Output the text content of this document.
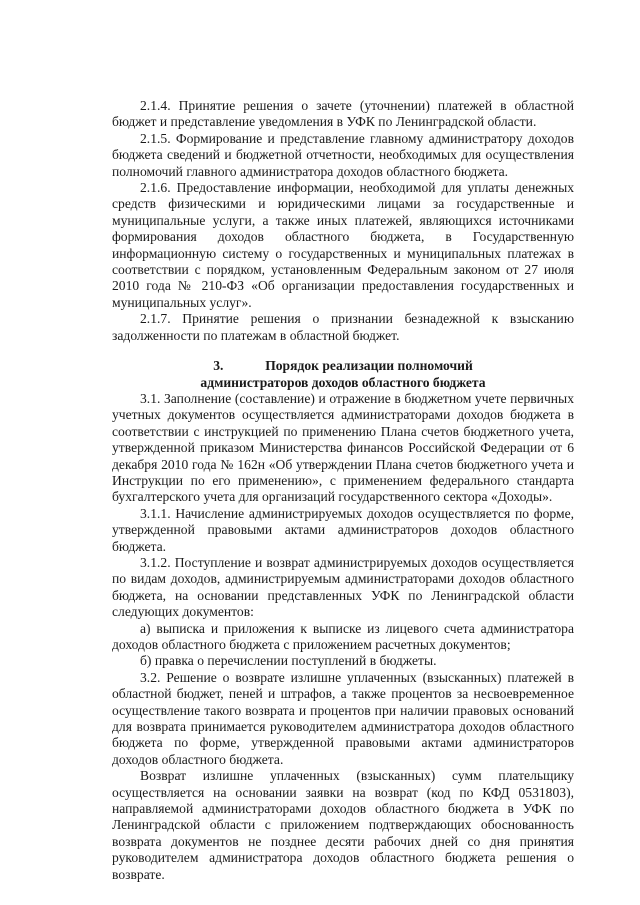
2.1.4. Принятие решения о зачете (уточнении) платежей в областной бюджет и представление уведомления в УФК по Ленинградской области.

2.1.5. Формирование и представление главному администратору доходов бюджета сведений и бюджетной отчетности, необходимых для осуществления полномочий главного администратора доходов областного бюджета.

2.1.6. Предоставление информации, необходимой для уплаты денежных средств физическими и юридическими лицами за государственные и муниципальные услуги, а также иных платежей, являющихся источниками формирования доходов областного бюджета, в Государственную информационную систему о государственных и муниципальных платежах в соответствии с порядком, установленным Федеральным законом от 27 июля 2010 года № 210-ФЗ «Об организации предоставления государственных и муниципальных услуг».

2.1.7. Принятие решения о признании безнадежной к взысканию задолженности по платежам в областной бюджет.

3.	Порядок реализации полномочий
администраторов доходов областного бюджета

3.1. Заполнение (составление) и отражение в бюджетном учете первичных учетных документов осуществляется администраторами доходов бюджета в соответствии с инструкцией по применению Плана счетов бюджетного учета, утвержденной приказом Министерства финансов Российской Федерации от 6 декабря 2010 года № 162н «Об утверждении Плана счетов бюджетного учета и Инструкции по его применению», с применением федерального стандарта бухгалтерского учета для организаций государственного сектора «Доходы».

3.1.1. Начисление администрируемых доходов осуществляется по форме, утвержденной правовыми актами администраторов доходов областного бюджета.

3.1.2. Поступление и возврат администрируемых доходов осуществляется по видам доходов, администрируемым администраторами доходов областного бюджета, на основании представленных УФК по Ленинградской области следующих документов:

а) выписка и приложения к выписке из лицевого счета администратора доходов областного бюджета с приложением расчетных документов;

б) правка о перечислении поступлений в бюджеты.

3.2. Решение о возврате излишне уплаченных (взысканных) платежей в областной бюджет, пеней и штрафов, а также процентов за несвоевременное осуществление такого возврата и процентов при наличии правовых оснований для возврата принимается руководителем администратора доходов областного бюджета по форме, утвержденной правовыми актами администраторов доходов областного бюджета.

Возврат излишне уплаченных (взысканных) сумм плательщику осуществляется на основании заявки на возврат (код по КФД 0531803), направляемой администраторами доходов областного бюджета в УФК по Ленинградской области с приложением подтверждающих обоснованность возврата документов не позднее десяти рабочих дней со дня принятия руководителем администратора доходов областного бюджета решения о возврате.
